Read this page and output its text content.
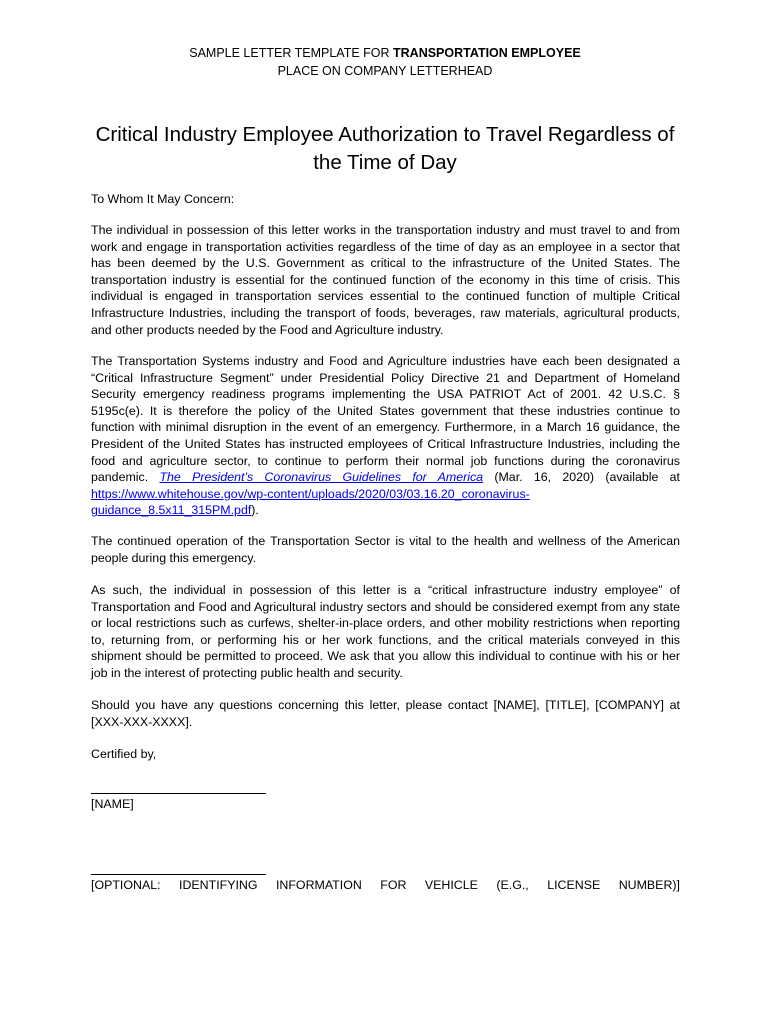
SAMPLE LETTER TEMPLATE FOR TRANSPORTATION EMPLOYEE
PLACE ON COMPANY LETTERHEAD
Critical Industry Employee Authorization to Travel Regardless of the Time of Day
To Whom It May Concern:
The individual in possession of this letter works in the transportation industry and must travel to and from work and engage in transportation activities regardless of the time of day as an employee in a sector that has been deemed by the U.S. Government as critical to the infrastructure of the United States. The transportation industry is essential for the continued function of the economy in this time of crisis. This individual is engaged in transportation services essential to the continued function of multiple Critical Infrastructure Industries, including the transport of foods, beverages, raw materials, agricultural products, and other products needed by the Food and Agriculture industry.
The Transportation Systems industry and Food and Agriculture industries have each been designated a “Critical Infrastructure Segment” under Presidential Policy Directive 21 and Department of Homeland Security emergency readiness programs implementing the USA PATRIOT Act of 2001. 42 U.S.C. § 5195c(e). It is therefore the policy of the United States government that these industries continue to function with minimal disruption in the event of an emergency. Furthermore, in a March 16 guidance, the President of the United States has instructed employees of Critical Infrastructure Industries, including the food and agriculture sector, to continue to perform their normal job functions during the coronavirus pandemic. The President’s Coronavirus Guidelines for America (Mar. 16, 2020) (available at https://www.whitehouse.gov/wp-content/uploads/2020/03/03.16.20_coronavirus-guidance_8.5x11_315PM.pdf).
The continued operation of the Transportation Sector is vital to the health and wellness of the American people during this emergency.
As such, the individual in possession of this letter is a “critical infrastructure industry employee” of Transportation and Food and Agricultural industry sectors and should be considered exempt from any state or local restrictions such as curfews, shelter-in-place orders, and other mobility restrictions when reporting to, returning from, or performing his or her work functions, and the critical materials conveyed in this shipment should be permitted to proceed. We ask that you allow this individual to continue with his or her job in the interest of protecting public health and security.
Should you have any questions concerning this letter, please contact [NAME], [TITLE], [COMPANY] at [XXX-XXX-XXXX].
Certified by,
[NAME]
[OPTIONAL: IDENTIFYING INFORMATION FOR VEHICLE (E.G., LICENSE NUMBER)]
